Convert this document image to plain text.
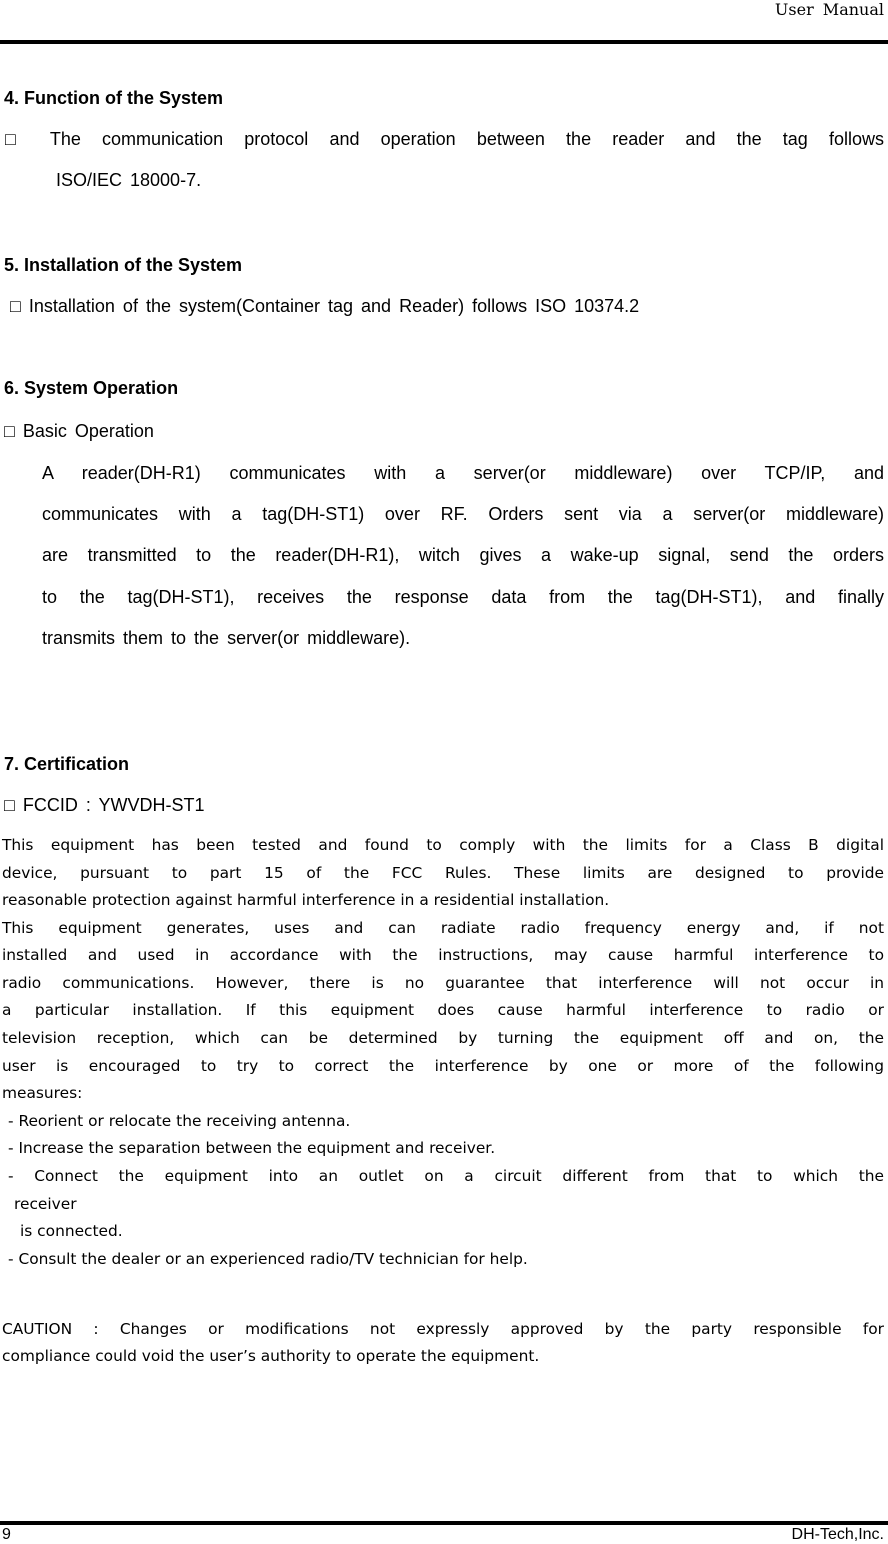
User Manual
4. Function of the System
□ The communication protocol and operation between the reader and the tag follows
ISO/IEC 18000-7.
5. Installation of the System
□ Installation of the system(Container tag and Reader) follows ISO 10374.2
6. System Operation
□ Basic Operation
A reader(DH-R1) communicates with a server(or middleware) over TCP/IP, and
communicates with a tag(DH-ST1) over RF. Orders sent via a server(or middleware)
are transmitted to the reader(DH-R1), witch gives a wake-up signal, send the orders
to the tag(DH-ST1), receives the response data from the tag(DH-ST1), and finally
transmits them to the server(or middleware).
7. Certification
□ FCCID : YWVDH-ST1
This equipment has been tested and found to comply with the limits for a Class B digital
device, pursuant to part 15 of the FCC Rules. These limits are designed to provide
reasonable protection against harmful interference in a residential installation.
This equipment generates, uses and can radiate radio frequency energy and, if not
installed and used in accordance with the instructions, may cause harmful interference to
radio communications. However, there is no guarantee that interference will not occur in
a particular installation. If this equipment does cause harmful interference to radio or
television reception, which can be determined by turning the equipment off and on, the
user is encouraged to try to correct the interference by one or more of the following
measures:
- Reorient or relocate the receiving antenna.
- Increase the separation between the equipment and receiver.
- Connect the equipment into an outlet on a circuit different from that to which the
receiver
is connected.
- Consult the dealer or an experienced radio/TV technician for help.
CAUTION : Changes or modifications not expressly approved by the party responsible for
compliance could void the user’s authority to operate the equipment.
9	DH-Tech,Inc.
